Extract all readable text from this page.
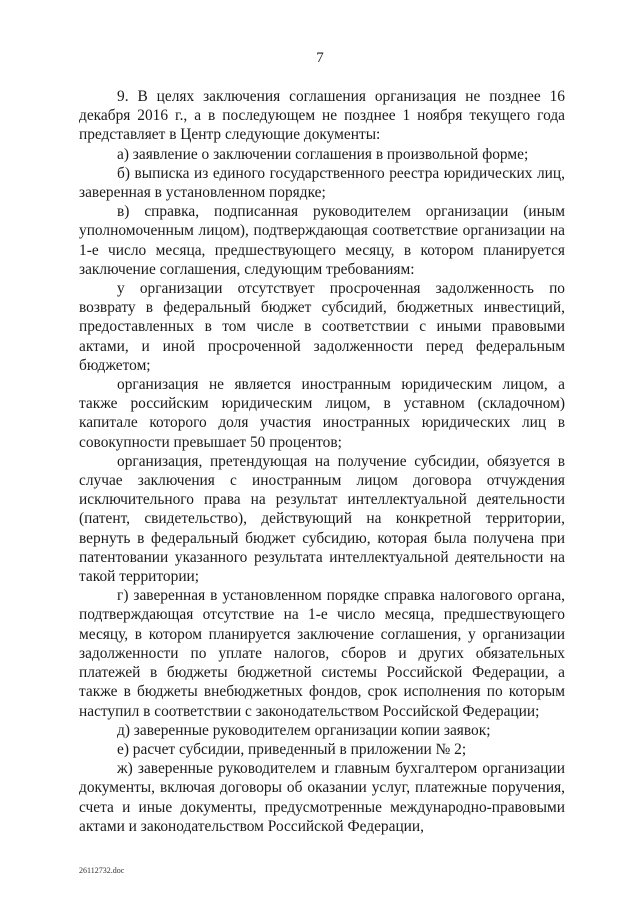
7

9. В целях заключения соглашения организация не позднее 16 декабря 2016 г., а в последующем не позднее 1 ноября текущего года представляет в Центр следующие документы:

а) заявление о заключении соглашения в произвольной форме;

б) выписка из единого государственного реестра юридических лиц, заверенная в установленном порядке;

в) справка, подписанная руководителем организации (иным уполномоченным лицом), подтверждающая соответствие организации на 1-е число месяца, предшествующего месяцу, в котором планируется заключение соглашения, следующим требованиям:

у организации отсутствует просроченная задолженность по возврату в федеральный бюджет субсидий, бюджетных инвестиций, предоставленных в том числе в соответствии с иными правовыми актами, и иной просроченной задолженности перед федеральным бюджетом;

организация не является иностранным юридическим лицом, а также российским юридическим лицом, в уставном (складочном) капитале которого доля участия иностранных юридических лиц в совокупности превышает 50 процентов;

организация, претендующая на получение субсидии, обязуется в случае заключения с иностранным лицом договора отчуждения исключительного права на результат интеллектуальной деятельности (патент, свидетельство), действующий на конкретной территории, вернуть в федеральный бюджет субсидию, которая была получена при патентовании указанного результата интеллектуальной деятельности на такой территории;

г) заверенная в установленном порядке справка налогового органа, подтверждающая отсутствие на 1-е число месяца, предшествующего месяцу, в котором планируется заключение соглашения, у организации задолженности по уплате налогов, сборов и других обязательных платежей в бюджеты бюджетной системы Российской Федерации, а также в бюджеты внебюджетных фондов, срок исполнения по которым наступил в соответствии с законодательством Российской Федерации;

д) заверенные руководителем организации копии заявок;

е) расчет субсидии, приведенный в приложении № 2;

ж) заверенные руководителем и главным бухгалтером организации документы, включая договоры об оказании услуг, платежные поручения, счета и иные документы, предусмотренные международно-правовыми актами и законодательством Российской Федерации,

26112732.doc
